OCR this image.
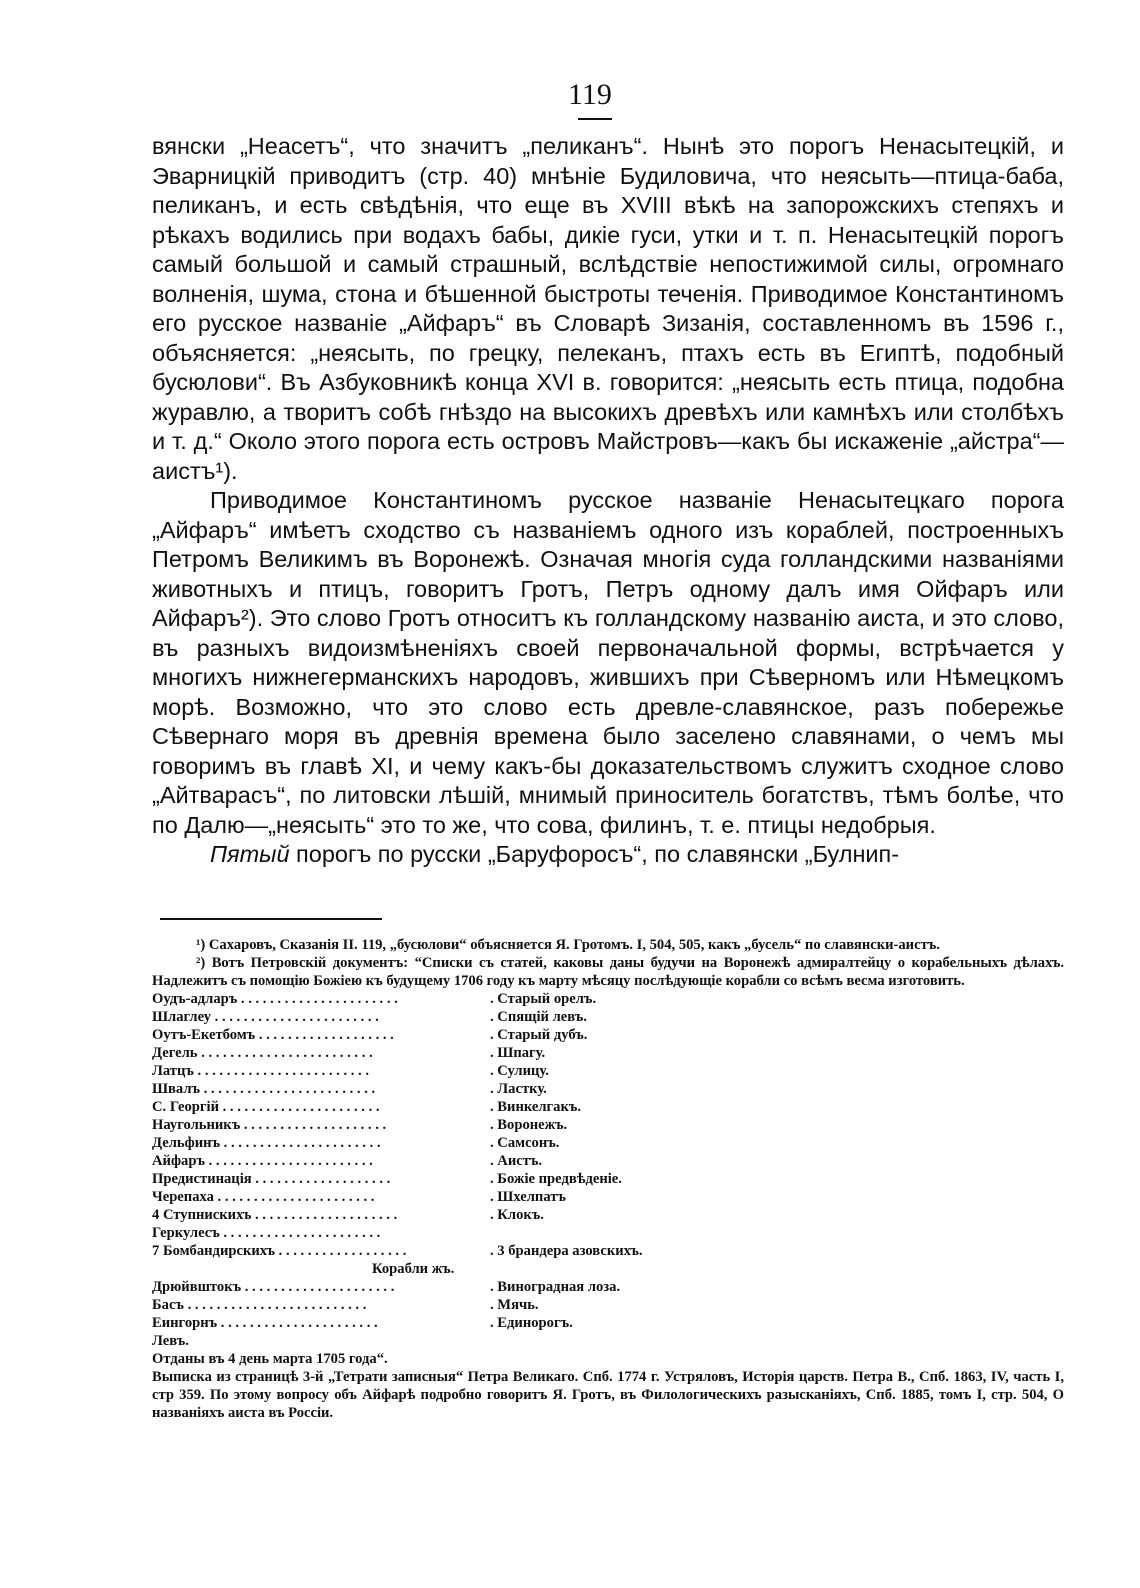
119

вянски „Неасетъ“, что значитъ „пеликанъ“. Нынѣ это порогъ Ненасытецкій, и Эварницкій приводитъ (стр. 40) мнѣніе Будиловича, что неясыть—птица-баба, пеликанъ, и есть свѣдѣнія, что еще въ XVIII вѣкѣ на запорожскихъ степяхъ и рѣкахъ водились при водахъ бабы, дикіе гуси, утки и т. п. Ненасытецкій порогъ самый большой и самый страшный, вслѣдствіе непостижимой силы, огромнаго волненія, шума, стона и бѣшенной быстроты теченія. Приводимое Константиномъ его русское названіе „Айфаръ“ въ Словарѣ Зизанія, составленномъ въ 1596 г., объясняется: „неясыть, по грецку, пелеканъ, птахъ есть въ Египтѣ, подобный бусюлови“. Въ Азбуковникѣ конца XVI в. говорится: „неясыть есть птица, подобна журавлю, а творитъ собѣ гнѣздо на высокихъ древѣхъ или камнѣхъ или столбѣхъ и т. д.“ Около этого порога есть островъ Майстровъ—какъ бы искаженіе „айстра“—аистъ¹).

Приводимое Константиномъ русское названіе Ненасытецкаго порога „Айфаръ“ имѣетъ сходство съ названіемъ одного изъ кораблей, построенныхъ Петромъ Великимъ въ Воронежѣ. Означая многія суда голландскими названіями животныхъ и птицъ, говоритъ Гротъ, Петръ одному далъ имя Ойфаръ или Айфаръ²). Это слово Гротъ относитъ къ голландскому названію аиста, и это слово, въ разныхъ видоизмѣненіяхъ своей первоначальной формы, встрѣчается у многихъ нижнегерманскихъ народовъ, жившихъ при Сѣверномъ или Нѣмецкомъ морѣ. Возможно, что это слово есть древле-славянское, разъ побережье Сѣвернаго моря въ древнія времена было заселено славянами, о чемъ мы говоримъ въ главѣ XI, и чему какъ-бы доказательствомъ служитъ сходное слово „Айтварасъ“, по литовски лѣшій, мнимый приноситель богатствъ, тѣмъ болѣе, что по Далю—„неясыть“ это то же, что сова, филинъ, т. е. птицы недобрыя.

Пятый порогъ по русски „Баруфоросъ“, по славянски „Булнип-

¹) Сахаровъ, Сказанія II. 119, „бусюлови“ объясняется Я. Гротомъ. I, 504, 505, какъ „бусель“ по славянски-аистъ.

²) Вотъ Петровскій документъ: “Списки съ статей, каковы даны будучи на Воронежѣ адмиралтейцу о корабельныхъ дѣлахъ. Надлежитъ съ помощію Божіею къ будущему 1706 году къ марту мѣсяцу послѣдующіе корабли со всѣмъ весма изготовить.

Оудъ-адларъ . . . . . . . . . . . . . . . . . . . . . .	. Старый орелъ.
Шлаглеу . . . . . . . . . . . . . . . . . . . . . . .	. Спящій левъ.
Оутъ-Екетбомъ . . . . . . . . . . . . . . . . . . .	. Старый дубъ.
Дегель . . . . . . . . . . . . . . . . . . . . . . . .	. Шпагу.
Латцъ . . . . . . . . . . . . . . . . . . . . . . . .	. Сулицу.
Швалъ . . . . . . . . . . . . . . . . . . . . . . . .	. Ластку.
С. Георгій . . . . . . . . . . . . . . . . . . . . . .	. Винкелгакъ.
Наугольникъ . . . . . . . . . . . . . . . . . . . .	. Воронежъ.
Дельфинъ . . . . . . . . . . . . . . . . . . . . . .	. Самсонъ.
Айфаръ . . . . . . . . . . . . . . . . . . . . . . .	. Аистъ.
Предистинація . . . . . . . . . . . . . . . . . . .	. Божіе предвѣденіе.
Черепаха . . . . . . . . . . . . . . . . . . . . . .	. Шхелпатъ
4 Ступнискихъ . . . . . . . . . . . . . . . . . . . .	. Клокъ.
Геркулесъ . . . . . . . . . . . . . . . . . . . . . .
7 Бомбандирскихъ . . . . . . . . . . . . . . . . . .	. 3 брандера азовскихъ.
Корабли жъ.
Дрюйвштокъ . . . . . . . . . . . . . . . . . . . . .	. Виноградная лоза.
Басъ . . . . . . . . . . . . . . . . . . . . . . . . .	. Мячь.
Еингорнъ . . . . . . . . . . . . . . . . . . . . . .	. Единорогъ.
Левъ.
Отданы въ 4 день марта 1705 года“.

Выписка из страницѣ 3-й „Тетрати записныя“ Петра Великаго. Спб. 1774 г. Устряловъ, Исторія царств. Петра В., Спб. 1863, IV, часть I, стр 359. По этому вопросу объ Айфарѣ подробно говоритъ Я. Гротъ, въ Филологическихъ разысканіяхъ, Спб. 1885, томъ I, стр. 504, О названіяхъ аиста въ Россіи.
